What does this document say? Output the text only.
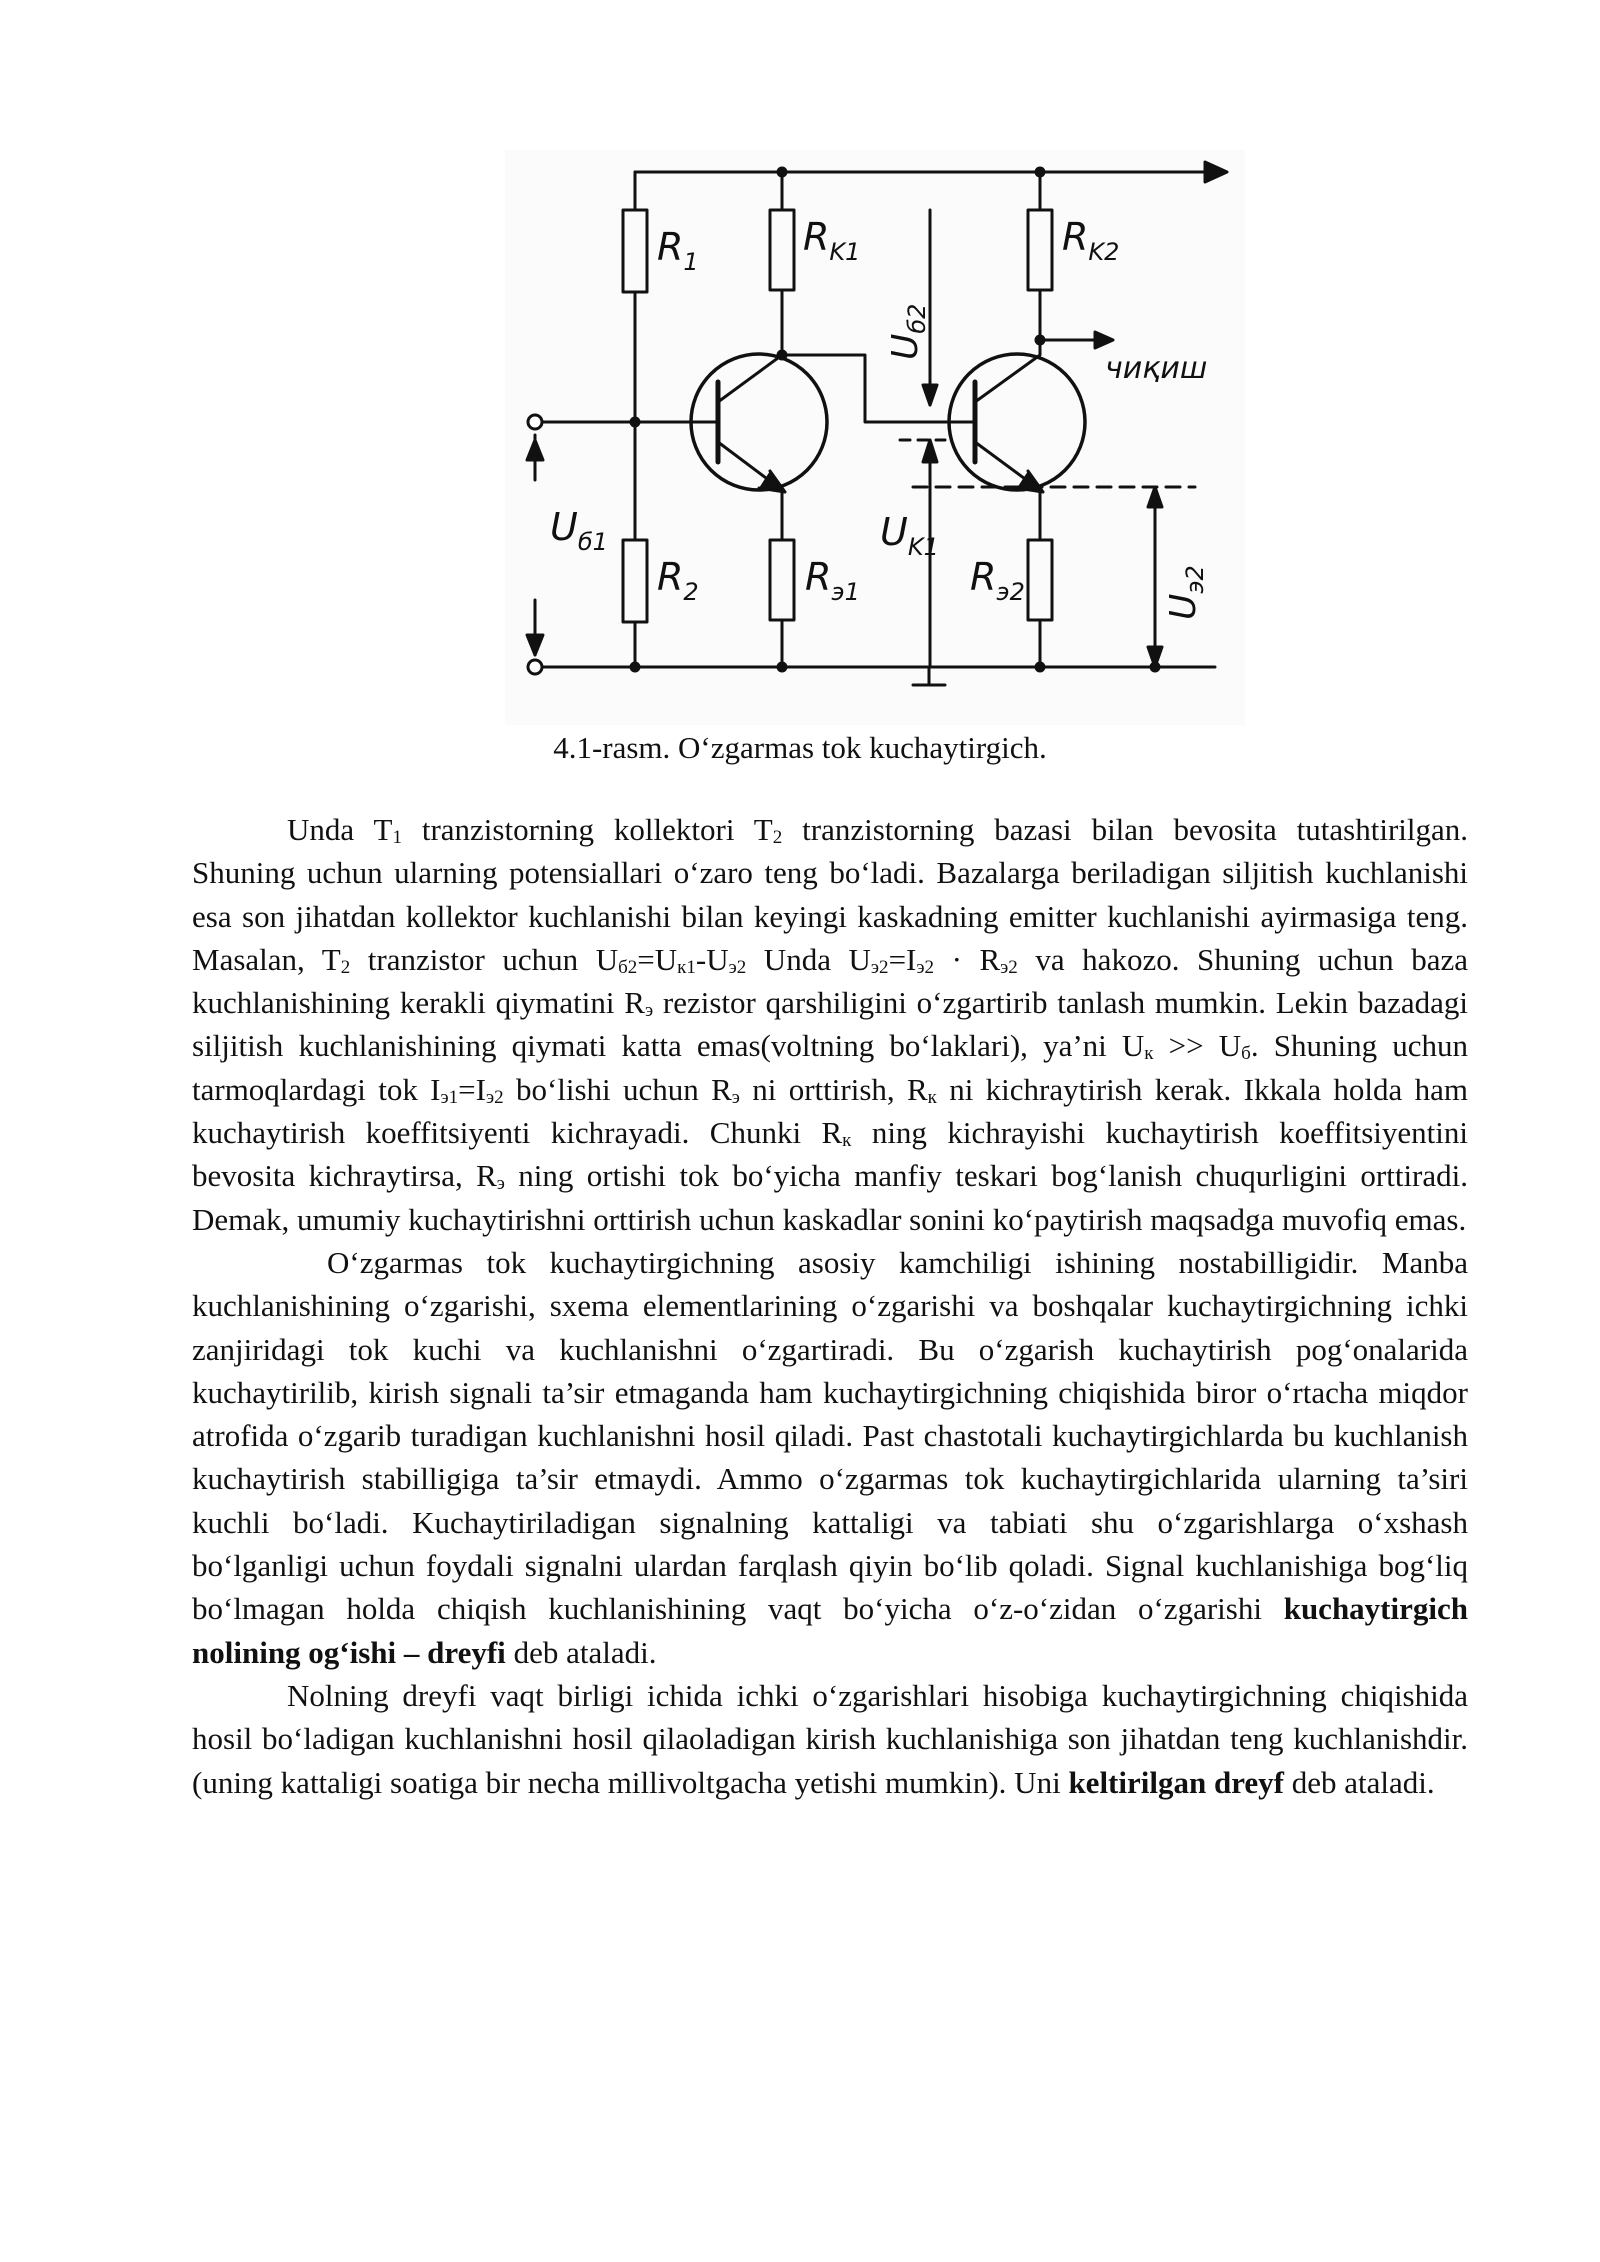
$R_1$
$R_{K1}$	$R_{K2}$
$R_2$	$R_{э1}$	$R_{э2}$
$U_{б1}$	$U_{K1}$
$U_{б2}$
$U_{э2}$
чиқиш
4.1-rasm. O‘zgarmas tok kuchaytirgich.

Unda $T_1$ tranzistorning kollektori $T_2$ tranzistorning bazasi bilan bevosita tutashtirilgan. Shuning uchun ularning potensiallari o‘zaro teng bo‘ladi. Bazalarga beriladigan siljitish kuchlanishi esa son jihatdan kollektor kuchlanishi bilan keyingi kaskadning emitter kuchlanishi ayirmasiga teng. Masalan, $T_2$ tranzistor uchun $U_{б2}=U_{к1}-U_{э2}$ Unda $U_{э2}=I_{э2} \cdot R_{э2}$ va hakozo. Shuning uchun baza kuchlanishining kerakli qiymatini $R_э$ rezistor qarshiligini o‘zgartirib tanlash mumkin. Lekin bazadagi siljitish kuchlanishining qiymati katta emas(voltning bo‘laklari), ya’ni $U_к >> U_б$. Shuning uchun tarmoqlardagi tok $I_{э1}=I_{э2}$ bo‘lishi uchun $R_э$ ni orttirish, $R_к$ ni kichraytirish kerak. Ikkala holda ham kuchaytirish koeffitsiyenti kichrayadi. Chunki $R_к$ ning kichrayishi kuchaytirish koeffitsiyentini bevosita kichraytirsa, $R_э$ ning ortishi tok bo‘yicha manfiy teskari bog‘lanish chuqurligini orttiradi. Demak, umumiy kuchaytirishni orttirish uchun kaskadlar sonini ko‘paytirish maqsadga muvofiq emas.

O‘zgarmas tok kuchaytirgichning asosiy kamchiligi ishining nostabilligidir. Manba kuchlanishining o‘zgarishi, sxema elementlarining o‘zgarishi va boshqalar kuchaytirgichning ichki zanjiridagi tok kuchi va kuchlanishni o‘zgartiradi. Bu o‘zgarish kuchaytirish pog‘onalarida kuchaytirilib, kirish signali ta’sir etmaganda ham kuchaytirgichning chiqishida biror o‘rtacha miqdor atrofida o‘zgarib turadigan kuchlanishni hosil qiladi. Past chastotali kuchaytirgichlarda bu kuchlanish kuchaytirish stabilligiga ta’sir etmaydi. Ammo o‘zgarmas tok kuchaytirgichlarida ularning ta’siri kuchli bo‘ladi. Kuchaytiriladigan signalning kattaligi va tabiati shu o‘zgarishlarga o‘xshash bo‘lganligi uchun foydali signalni ulardan farqlash qiyin bo‘lib qoladi. Signal kuchlanishiga bog‘liq bo‘lmagan holda chiqish kuchlanishining vaqt bo‘yicha o‘z-o‘zidan o‘zgarishi kuchaytirgich nolining og‘ishi – dreyfi deb ataladi.

Nolning dreyfi vaqt birligi ichida ichki o‘zgarishlari hisobiga kuchaytirgichning chiqishida hosil bo‘ladigan kuchlanishni hosil qilaoladigan kirish kuchlanishiga son jihatdan teng kuchlanishdir.(uning kattaligi soatiga bir necha millivoltgacha yetishi mumkin). Uni keltirilgan dreyf deb ataladi.
